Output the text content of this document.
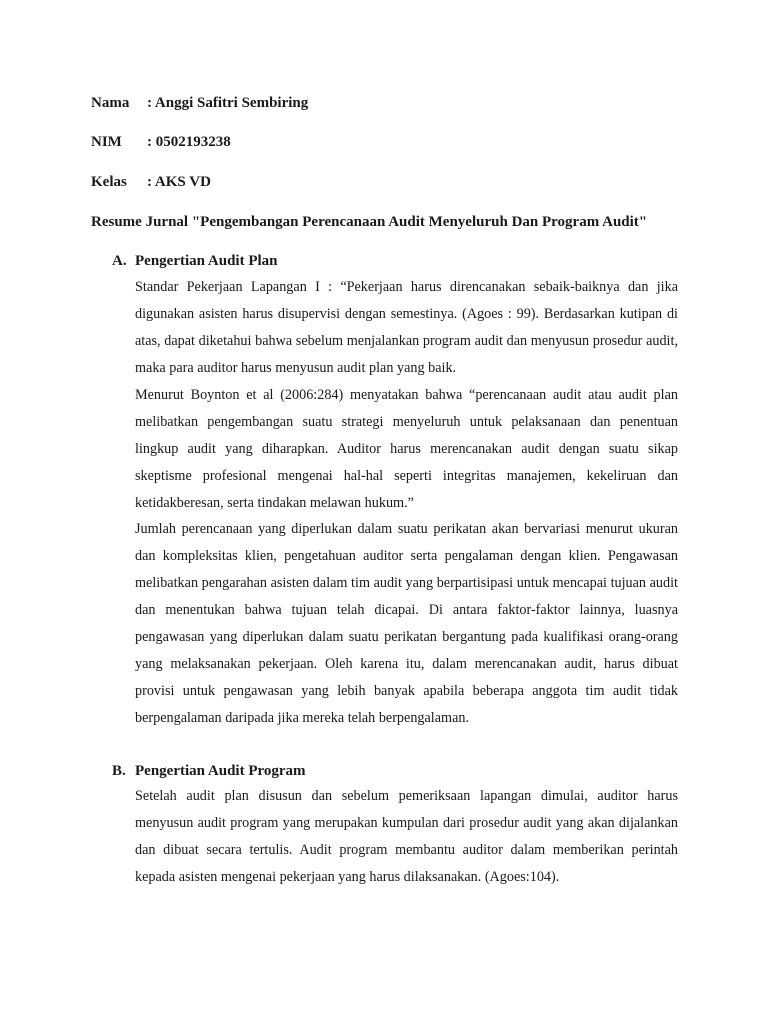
Nama : Anggi Safitri Sembiring
NIM : 0502193238
Kelas : AKS VD
Resume Jurnal "Pengembangan Perencanaan Audit Menyeluruh Dan Program Audit"
A. Pengertian Audit Plan

Standar Pekerjaan Lapangan I : “Pekerjaan harus direncanakan sebaik-baiknya dan jika digunakan asisten harus disupervisi dengan semestinya. (Agoes : 99). Berdasarkan kutipan di atas, dapat diketahui bahwa sebelum menjalankan program audit dan menyusun prosedur audit, maka para auditor harus menyusun audit plan yang baik.

Menurut Boynton et al (2006:284) menyatakan bahwa “perencanaan audit atau audit plan melibatkan pengembangan suatu strategi menyeluruh untuk pelaksanaan dan penentuan lingkup audit yang diharapkan. Auditor harus merencanakan audit dengan suatu sikap skeptisme profesional mengenai hal-hal seperti integritas manajemen, kekeliruan dan ketidakberesan, serta tindakan melawan hukum.”

Jumlah perencanaan yang diperlukan dalam suatu perikatan akan bervariasi menurut ukuran dan kompleksitas klien, pengetahuan auditor serta pengalaman dengan klien. Pengawasan melibatkan pengarahan asisten dalam tim audit yang berpartisipasi untuk mencapai tujuan audit dan menentukan bahwa tujuan telah dicapai. Di antara faktor-faktor lainnya, luasnya pengawasan yang diperlukan dalam suatu perikatan bergantung pada kualifikasi orang-orang yang melaksanakan pekerjaan. Oleh karena itu, dalam merencanakan audit, harus dibuat provisi untuk pengawasan yang lebih banyak apabila beberapa anggota tim audit tidak berpengalaman daripada jika mereka telah berpengalaman.

B. Pengertian Audit Program

Setelah audit plan disusun dan sebelum pemeriksaan lapangan dimulai, auditor harus menyusun audit program yang merupakan kumpulan dari prosedur audit yang akan dijalankan dan dibuat secara tertulis. Audit program membantu auditor dalam memberikan perintah kepada asisten mengenai pekerjaan yang harus dilaksanakan. (Agoes:104).
